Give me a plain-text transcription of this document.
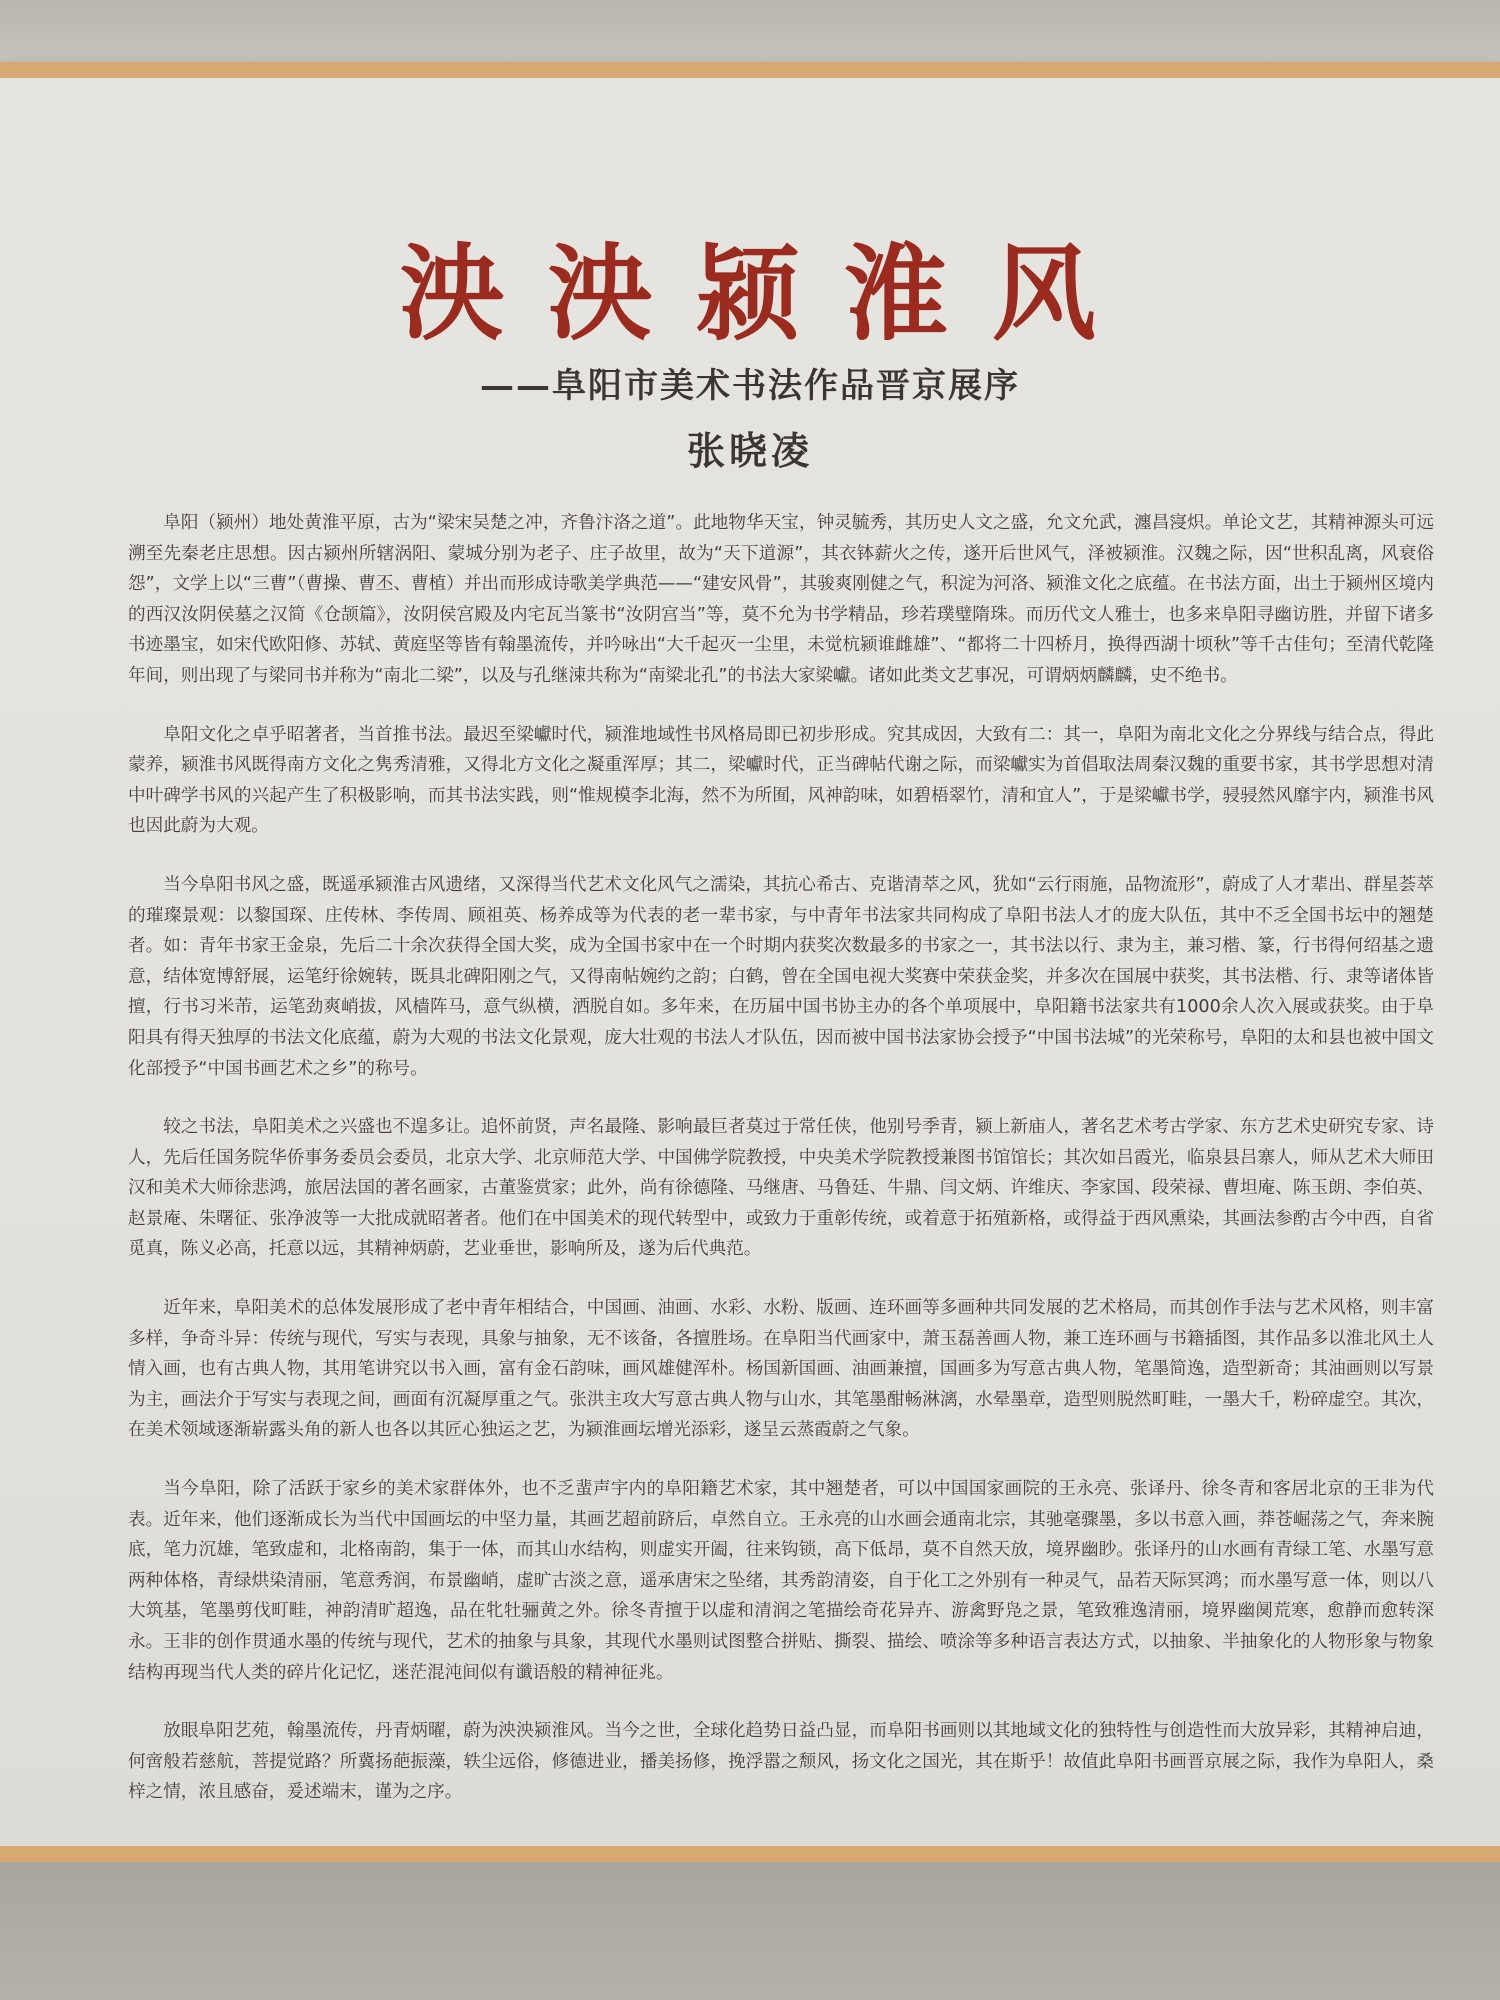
泱泱颍淮风
——阜阳市美术书法作品晋京展序
张晓凌

阜阳（颍州）地处黄淮平原，古为“梁宋吴楚之冲，齐鲁汴洛之道”。此地物华天宝，钟灵毓秀，其历史人文之盛，允文允武，瀍昌寖炽。单论文艺，其精神源头可远溯至先秦老庄思想。因古颍州所辖涡阳、蒙城分别为老子、庄子故里，故为“天下道源”，其衣钵薪火之传，遂开后世风气，泽被颍淮。汉魏之际，因“世积乱离，风衰俗怨”，文学上以“三曹”（曹操、曹丕、曹植）并出而形成诗歌美学典范——“建安风骨”，其骏爽刚健之气，积淀为河洛、颍淮文化之底蕴。在书法方面，出土于颍州区境内的西汉汝阴侯墓之汉简《仓颉篇》，汝阴侯宫殿及内宅瓦当篆书“汝阴宫当”等，莫不允为书学精品，珍若璞璧隋珠。而历代文人雅士，也多来阜阳寻幽访胜，并留下诸多书迹墨宝，如宋代欧阳修、苏轼、黄庭坚等皆有翰墨流传，并吟咏出“大千起灭一尘里，未觉杭颍谁雌雄”、“都将二十四桥月，换得西湖十顷秋”等千古佳句；至清代乾隆年间，则出现了与梁同书并称为“南北二梁”，以及与孔继涑共称为“南梁北孔”的书法大家梁巘。诸如此类文艺事况，可谓炳炳麟麟，史不绝书。

阜阳文化之卓乎昭著者，当首推书法。最迟至梁巘时代，颍淮地域性书风格局即已初步形成。究其成因，大致有二：其一，阜阳为南北文化之分界线与结合点，得此蒙养，颍淮书风既得南方文化之隽秀清雅，又得北方文化之凝重浑厚；其二，梁巘时代，正当碑帖代谢之际，而梁巘实为首倡取法周秦汉魏的重要书家，其书学思想对清中叶碑学书风的兴起产生了积极影响，而其书法实践，则“惟规模李北海，然不为所囿，风神韵味，如碧梧翠竹，清和宜人”，于是梁巘书学，骎骎然风靡宇内，颍淮书风也因此蔚为大观。

当今阜阳书风之盛，既遥承颍淮古风遗绪，又深得当代艺术文化风气之濡染，其抗心希古、克谐清萃之风，犹如“云行雨施，品物流形”，蔚成了人才辈出、群星荟萃的璀璨景观：以黎国琛、庄传林、李传周、顾祖英、杨养成等为代表的老一辈书家，与中青年书法家共同构成了阜阳书法人才的庞大队伍，其中不乏全国书坛中的翘楚者。如：青年书家王金泉，先后二十余次获得全国大奖，成为全国书家中在一个时期内获奖次数最多的书家之一，其书法以行、隶为主，兼习楷、篆，行书得何绍基之遗意，结体宽博舒展，运笔纡徐婉转，既具北碑阳刚之气，又得南帖婉约之韵；白鹤，曾在全国电视大奖赛中荣获金奖，并多次在国展中获奖，其书法楷、行、隶等诸体皆擅，行书习米芾，运笔劲爽峭拔，风樯阵马，意气纵横，洒脱自如。多年来，在历届中国书协主办的各个单项展中，阜阳籍书法家共有1000余人次入展或获奖。由于阜阳具有得天独厚的书法文化底蕴，蔚为大观的书法文化景观，庞大壮观的书法人才队伍，因而被中国书法家协会授予“中国书法城”的光荣称号，阜阳的太和县也被中国文化部授予“中国书画艺术之乡”的称号。

较之书法，阜阳美术之兴盛也不遑多让。追怀前贤，声名最隆、影响最巨者莫过于常任侠，他别号季青，颍上新庙人，著名艺术考古学家、东方艺术史研究专家、诗人，先后任国务院华侨事务委员会委员，北京大学、北京师范大学、中国佛学院教授，中央美术学院教授兼图书馆馆长；其次如吕霞光，临泉县吕寨人，师从艺术大师田汉和美术大师徐悲鸿，旅居法国的著名画家，古董鉴赏家；此外，尚有徐德隆、马继唐、马鲁廷、牛鼎、闫文炳、许维庆、李家国、段荣禄、曹坦庵、陈玉朗、李伯英、赵景庵、朱曙征、张净波等一大批成就昭著者。他们在中国美术的现代转型中，或致力于重彰传统，或着意于拓殖新格，或得益于西风熏染，其画法参酌古今中西，自省觅真，陈义必高，托意以远，其精神炳蔚，艺业垂世，影响所及，遂为后代典范。

近年来，阜阳美术的总体发展形成了老中青年相结合，中国画、油画、水彩、水粉、版画、连环画等多画种共同发展的艺术格局，而其创作手法与艺术风格，则丰富多样，争奇斗异：传统与现代，写实与表现，具象与抽象，无不该备，各擅胜场。在阜阳当代画家中，萧玉磊善画人物，兼工连环画与书籍插图，其作品多以淮北风土人情入画，也有古典人物，其用笔讲究以书入画，富有金石韵味，画风雄健浑朴。杨国新国画、油画兼擅，国画多为写意古典人物，笔墨简逸，造型新奇；其油画则以写景为主，画法介于写实与表现之间，画面有沉凝厚重之气。张洪主攻大写意古典人物与山水，其笔墨酣畅淋漓，水晕墨章，造型则脱然町畦，一墨大千，粉碎虚空。其次，在美术领域逐渐崭露头角的新人也各以其匠心独运之艺，为颍淮画坛增光添彩，遂呈云蒸霞蔚之气象。

当今阜阳，除了活跃于家乡的美术家群体外，也不乏蜚声宇内的阜阳籍艺术家，其中翘楚者，可以中国国家画院的王永亮、张译丹、徐冬青和客居北京的王非为代表。近年来，他们逐渐成长为当代中国画坛的中坚力量，其画艺超前跻后，卓然自立。王永亮的山水画会通南北宗，其驰毫骤墨，多以书意入画，莽苍崛荡之气，奔来腕底，笔力沉雄，笔致虚和，北格南韵，集于一体，而其山水结构，则虚实开阖，往来钩锁，高下低昂，莫不自然天放，境界幽眇。张译丹的山水画有青绿工笔、水墨写意两种体格，青绿烘染清丽，笔意秀润，布景幽峭，虚旷古淡之意，遥承唐宋之坠绪，其秀韵清姿，自于化工之外别有一种灵气，品若天际冥鸿；而水墨写意一体，则以八大筑基，笔墨剪伐町畦，神韵清旷超逸，品在牝牡骊黄之外。徐冬青擅于以虚和清润之笔描绘奇花异卉、游禽野凫之景，笔致雅逸清丽，境界幽阒荒寒，愈静而愈转深永。王非的创作贯通水墨的传统与现代，艺术的抽象与具象，其现代水墨则试图整合拼贴、撕裂、描绘、喷涂等多种语言表达方式，以抽象、半抽象化的人物形象与物象结构再现当代人类的碎片化记忆，迷茫混沌间似有谶语般的精神征兆。

放眼阜阳艺苑，翰墨流传，丹青炳曜，蔚为泱泱颍淮风。当今之世，全球化趋势日益凸显，而阜阳书画则以其地域文化的独特性与创造性而大放异彩，其精神启迪，何啻般若慈航，菩提觉路？所冀扬葩振藻，轶尘远俗，修德进业，播美扬修，挽浮嚣之颓风，扬文化之国光，其在斯乎！故值此阜阳书画晋京展之际，我作为阜阳人，桑梓之情，浓且感奋，爰述端末，谨为之序。
